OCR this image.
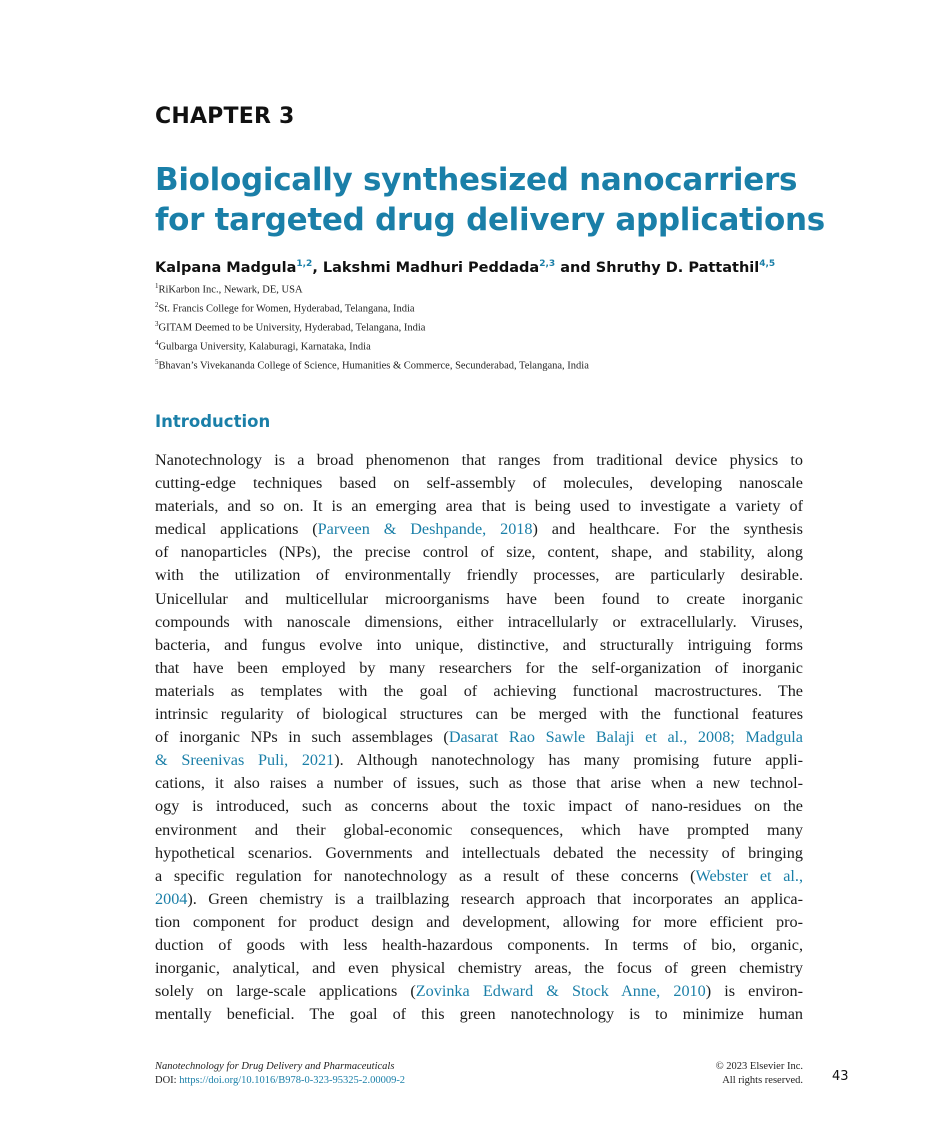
CHAPTER 3
Biologically synthesized nanocarriers
for targeted drug delivery applications
Kalpana Madgula$^{1,2}$, Lakshmi Madhuri Peddada$^{2,3}$ and Shruthy D. Pattathil$^{4,5}$
$^1$RiKarbon Inc., Newark, DE, USA
$^2$St. Francis College for Women, Hyderabad, Telangana, India
$^3$GITAM Deemed to be University, Hyderabad, Telangana, India
$^4$Gulbarga University, Kalaburagi, Karnataka, India
$^5$Bhavan’s Vivekananda College of Science, Humanities & Commerce, Secunderabad, Telangana, India
Introduction
Nanotechnology is a broad phenomenon that ranges from traditional device physics to
cutting-edge techniques based on self-assembly of molecules, developing nanoscale
materials, and so on. It is an emerging area that is being used to investigate a variety of
medical applications (Parveen & Deshpande, 2018) and healthcare. For the synthesis
of nanoparticles (NPs), the precise control of size, content, shape, and stability, along
with the utilization of environmentally friendly processes, are particularly desirable.
Unicellular and multicellular microorganisms have been found to create inorganic
compounds with nanoscale dimensions, either intracellularly or extracellularly. Viruses,
bacteria, and fungus evolve into unique, distinctive, and structurally intriguing forms
that have been employed by many researchers for the self-organization of inorganic
materials as templates with the goal of achieving functional macrostructures. The
intrinsic regularity of biological structures can be merged with the functional features
of inorganic NPs in such assemblages (Dasarat Rao Sawle Balaji et al., 2008; Madgula
& Sreenivas Puli, 2021). Although nanotechnology has many promising future appli-
cations, it also raises a number of issues, such as those that arise when a new technol-
ogy is introduced, such as concerns about the toxic impact of nano-residues on the
environment and their global-economic consequences, which have prompted many
hypothetical scenarios. Governments and intellectuals debated the necessity of bringing
a specific regulation for nanotechnology as a result of these concerns (Webster et al.,
2004). Green chemistry is a trailblazing research approach that incorporates an applica-
tion component for product design and development, allowing for more efficient pro-
duction of goods with less health-hazardous components. In terms of bio, organic,
inorganic, analytical, and even physical chemistry areas, the focus of green chemistry
solely on large-scale applications (Zovinka Edward & Stock Anne, 2010) is environ-
mentally beneficial. The goal of this green nanotechnology is to minimize human
Nanotechnology for Drug Delivery and Pharmaceuticals
DOI: https://doi.org/10.1016/B978-0-323-95325-2.00009-2
© 2023 Elsevier Inc.
All rights reserved. 43
